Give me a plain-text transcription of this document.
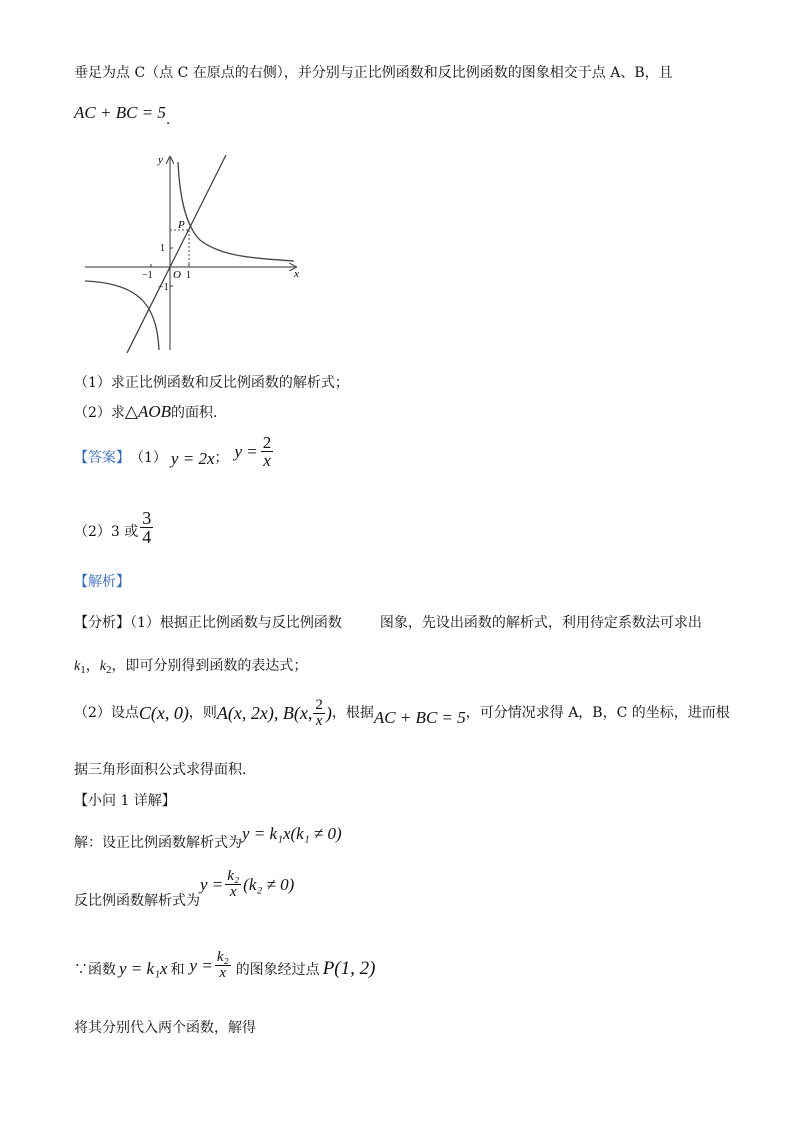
垂足为点 C（点 C 在原点的右侧），并分别与正比例函数和反比例函数的图象相交于点 A、B，且
AC + BC = 5.
y
x
O
P
−1	1
1
−1
（1）求正比例函数和反比例函数的解析式；
（2）求△AOB的面积.
【答案】 （1） y = 2x ； $y = \frac{2}{x}$
（2）3 或 $\frac{3}{4}$
【解析】
【分析】（1）根据正比例函数与反比例函数	图象，先设出函数的解析式，利用待定系数法可求出
$k_1$，$k_2$，即可分别得到函数的表达式；
（2）设点 C(x, 0) ，则 A(x, 2x) , B(x, $\frac{2}{x}$ ) ，根据 AC + BC = 5 ，可分情况求得 A，B，C 的坐标，进而根
据三角形面积公式求得面积.
【小问 1 详解】
解：设正比例函数解析式为 y = k₁x(k₁ ≠ 0)
反比例函数解析式为
$y = \frac{\text{k₂}}{x} (k_2 \ne 0)$
∵函数 y = k₁x 和 $y = \frac{\text{k₂}}{x}$ 的图象经过点 P(1, 2)
将其分别代入两个函数，解得
